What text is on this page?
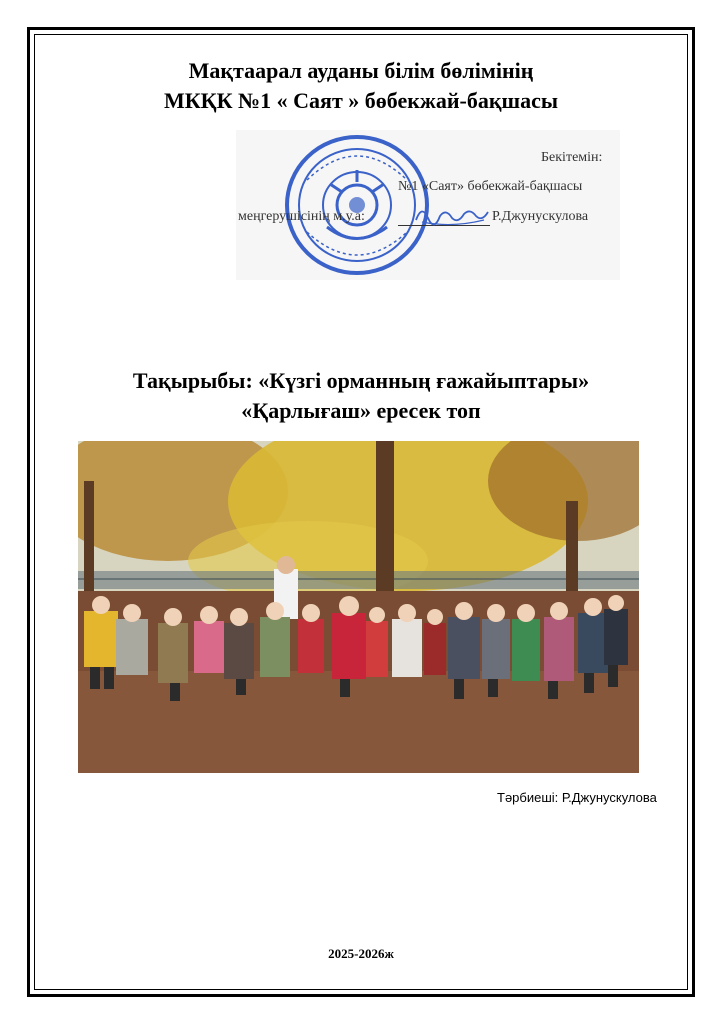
Мақтаарал ауданы білім бөлімінің
МКҚК №1 « Саят » бөбекжай-бақшасы
Бекітемін:
№1 «Саят» бөбекжай-бақшасы
меңгерушісінің м.у.а:	Р.Джунускулова
Тақырыбы: «Күзгі орманның ғажайыптары»
«Қарлығаш» ересек топ
Тәрбиеші: Р.Джунускулова
2025-2026ж
